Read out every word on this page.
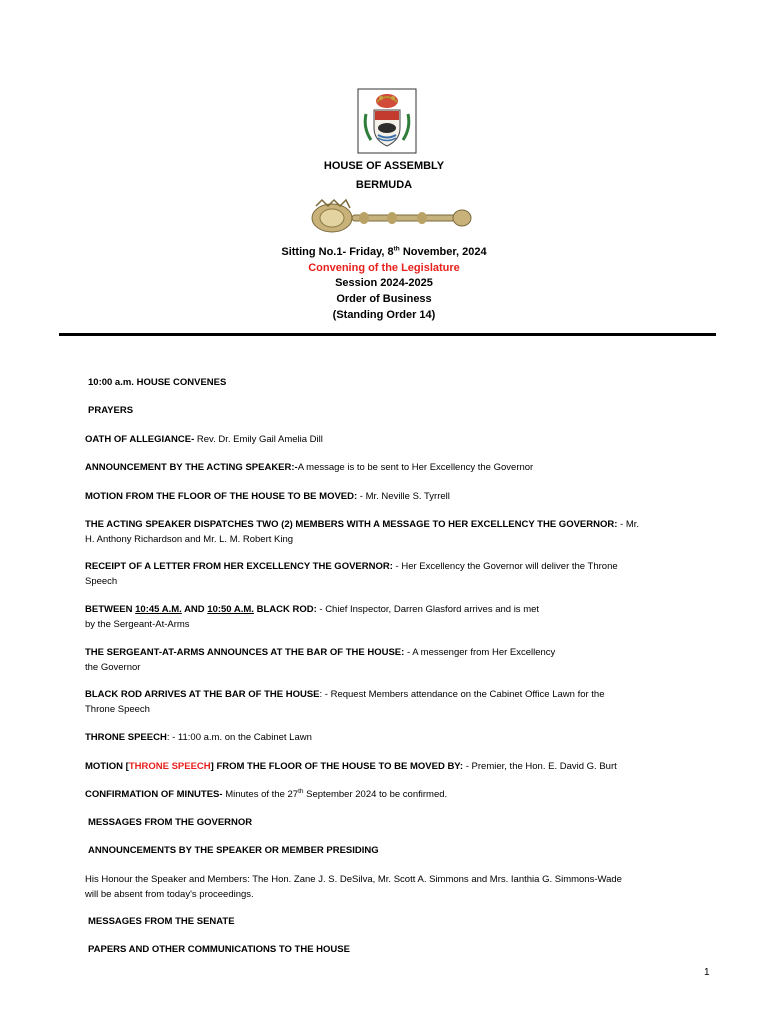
HOUSE OF ASSEMBLY
BERMUDA
Sitting No.1- Friday, 8th November, 2024
Convening of the Legislature
Session 2024-2025
Order of Business
(Standing Order 14)
10:00 a.m. HOUSE CONVENES
PRAYERS
OATH OF ALLEGIANCE- Rev. Dr. Emily Gail Amelia Dill
ANNOUNCEMENT BY THE ACTING SPEAKER:-A message is to be sent to Her Excellency the Governor
MOTION FROM THE FLOOR OF THE HOUSE TO BE MOVED: - Mr. Neville S. Tyrrell
THE ACTING SPEAKER DISPATCHES TWO (2) MEMBERS WITH A MESSAGE TO HER EXCELLENCY THE GOVERNOR: - Mr. H. Anthony Richardson and Mr. L. M. Robert King
RECEIPT OF A LETTER FROM HER EXCELLENCY THE GOVERNOR: - Her Excellency the Governor will deliver the Throne Speech
BETWEEN 10:45 A.M. AND 10:50 A.M. BLACK ROD: - Chief Inspector, Darren Glasford arrives and is met
by the Sergeant-At-Arms
THE SERGEANT-AT-ARMS ANNOUNCES AT THE BAR OF THE HOUSE: - A messenger from Her Excellency
the Governor
BLACK ROD ARRIVES AT THE BAR OF THE HOUSE: - Request Members attendance on the Cabinet Office Lawn for the Throne Speech
THRONE SPEECH: - 11:00 a.m. on the Cabinet Lawn
MOTION [THRONE SPEECH] FROM THE FLOOR OF THE HOUSE TO BE MOVED BY: - Premier, the Hon. E. David G. Burt
CONFIRMATION OF MINUTES- Minutes of the 27th September 2024 to be confirmed.
MESSAGES FROM THE GOVERNOR
ANNOUNCEMENTS BY THE SPEAKER OR MEMBER PRESIDING
His Honour the Speaker and Members: The Hon. Zane J. S. DeSilva, Mr. Scott A. Simmons and Mrs. Ianthia G. Simmons-Wade will be absent from today's proceedings.
MESSAGES FROM THE SENATE
PAPERS AND OTHER COMMUNICATIONS TO THE HOUSE
1
